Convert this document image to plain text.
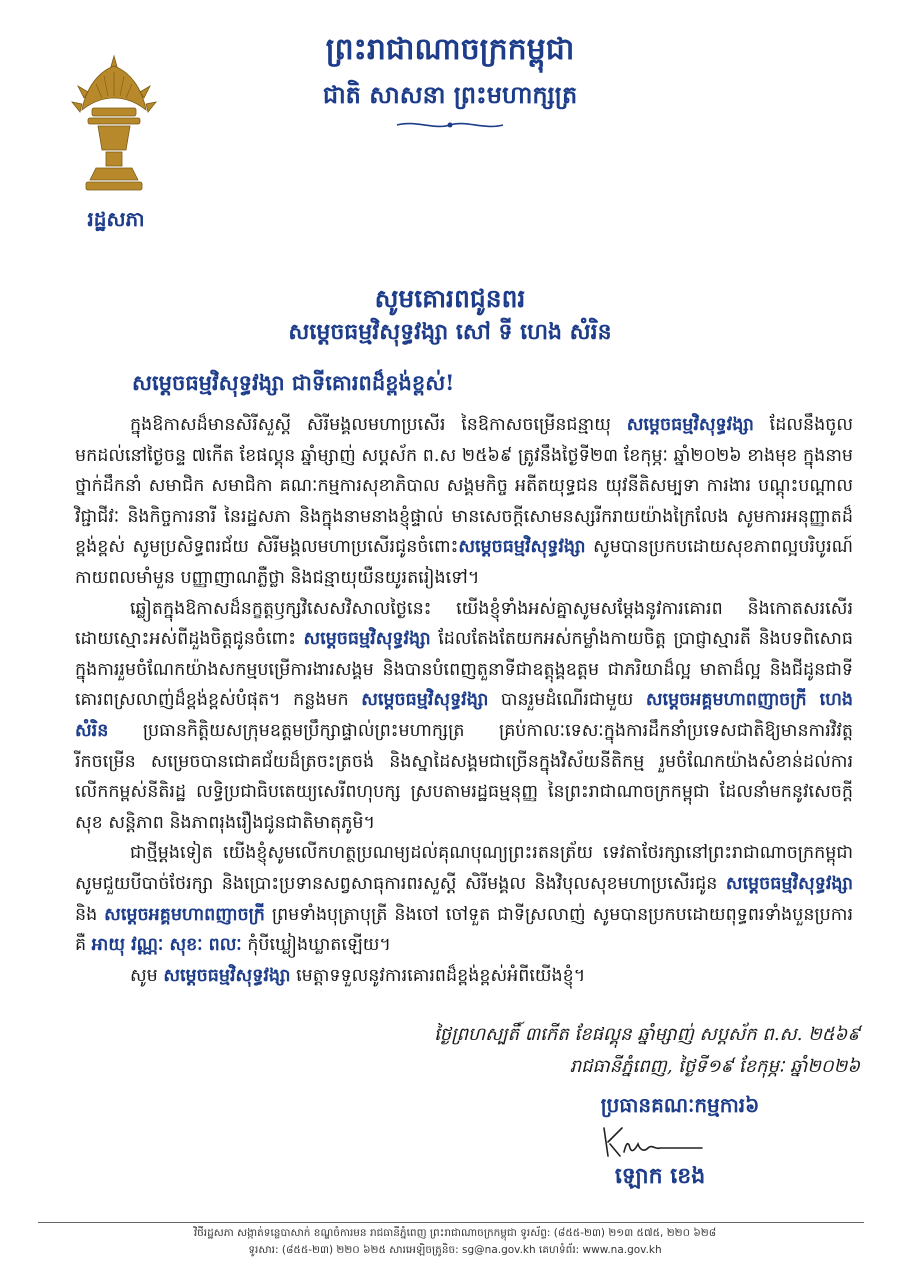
រដ្ឋសភា
ព្រះរាជាណាចក្រកម្ពុជា
ជាតិ សាសនា ព្រះមហាក្សត្រ
សូមគោរពជូនពរ
សម្តេចធម្មវិសុទ្ធវង្សា សៅ ទី ហេង សំរិន
សម្តេចធម្មវិសុទ្ធវង្សា ជាទីគោរពដ៏ខ្ពង់ខ្ពស់!

ក្នុងឱកាសដ៏មានសិរីសួស្តី សិរីមង្គលមហាប្រសើរ នៃឱកាសចម្រើនជន្មាយុ សម្តេចធម្មវិសុទ្ធវង្សា ដែលនឹងចូលមកដល់នៅថ្ងៃចន្ទ ៧កើត ខែផល្គុន ឆ្នាំម្សាញ់ សប្តស័ក ព.ស ២៥៦៩ ត្រូវនឹងថ្ងៃទី២៣ ខែកុម្ភៈ ឆ្នាំ២០២៦ ខាងមុខ ក្នុងនាមថ្នាក់ដឹកនាំ សមាជិក សមាជិកា គណៈកម្មការសុខាភិបាល សង្គមកិច្ច អតីតយុទ្ធជន យុវនីតិសម្បទា ការងារ បណ្តុះបណ្តាលវិជ្ជាជីវៈ និងកិច្ចការនារី នៃរដ្ឋសភា និងក្នុងនាមនាងខ្ញុំផ្ទាល់ មានសេចក្តីសោមនស្សរីករាយយ៉ាងក្រៃលែង សូមការអនុញ្ញាតដ៏ខ្ពង់ខ្ពស់ សូមប្រសិទ្ធពរជ័យ សិរីមង្គលមហាប្រសើរជូនចំពោះសម្តេចធម្មវិសុទ្ធវង្សា សូមបានប្រកបដោយសុខភាពល្អបរិបូរណ៍ កាយពលមាំមួន បញ្ញាញាណភ្លឺថ្លា និងជន្មាយុយឺនយូរតរៀងទៅ។

ឆ្លៀតក្នុងឱកាសដ៏នក្ខត្តឫក្សវិសេសវិសាលថ្ងៃនេះ យើងខ្ញុំទាំងអស់គ្នាសូមសម្តែងនូវការគោរព និងកោតសរសើរដោយស្មោះអស់ពីដួងចិត្តជូនចំពោះ សម្តេចធម្មវិសុទ្ធវង្សា ដែលតែងតែយកអស់កម្លាំងកាយចិត្ត ប្រាជ្ញាស្មារតី និងបទពិសោធ ក្នុងការរួមចំណែកយ៉ាងសកម្មបម្រើការងារសង្គម និងបានបំពេញតួនាទីជាឧត្តុង្គឧត្តម ជាភរិយាដ៏ល្អ មាតាដ៏ល្អ និងជីដូនជាទីគោរពស្រលាញ់ដ៏ខ្ពង់ខ្ពស់បំផុត។ កន្លងមក សម្តេចធម្មវិសុទ្ធវង្សា បានរួមដំណើរជាមួយ សម្តេចអគ្គមហាពញាចក្រី ហេង សំរិន ប្រធានកិត្តិយសក្រុមឧត្តមប្រឹក្សាផ្ទាល់ព្រះមហាក្សត្រ គ្រប់កាលៈទេសៈក្នុងការដឹកនាំប្រទេសជាតិឱ្យមានការវិវត្តរីកចម្រើន សម្រេចបានជោគជ័យដ៏ត្រចះត្រចង់ និងស្នាដៃសង្គមជាច្រើនក្នុងវិស័យនីតិកម្ម រួមចំណែកយ៉ាងសំខាន់ដល់ការលើកកម្ពស់នីតិរដ្ឋ លទ្ធិប្រជាធិបតេយ្យសេរីពហុបក្ស ស្របតាមរដ្ឋធម្មនុញ្ញ នៃព្រះរាជាណាចក្រកម្ពុជា ដែលនាំមកនូវសេចក្តីសុខ សន្តិភាព និងភាពរុងរឿងជូនជាតិមាតុភូមិ។

ជាថ្មីម្តងទៀត យើងខ្ញុំសូមលើកហត្ថប្រណម្យដល់គុណបុណ្យព្រះរតនត្រ័យ ទេវតាថែរក្សានៅព្រះរាជាណាចក្រកម្ពុជា សូមជួយបីបាច់ថែរក្សា និងប្រោះប្រទានសព្វសាធុការពរសួស្តី សិរីមង្គល និងវិបុលសុខមហាប្រសើរជូន សម្តេចធម្មវិសុទ្ធវង្សា និង សម្តេចអគ្គមហាពញាចក្រី ព្រមទាំងបុត្រាបុត្រី និងចៅ ចៅទួត ជាទីស្រលាញ់ សូមបានប្រកបដោយពុទ្ធពរទាំងបួនប្រការ គឺ អាយុ វណ្ណៈ សុខៈ ពលៈ កុំបីឃ្លៀងឃ្លាតឡើយ។

សូម សម្តេចធម្មវិសុទ្ធវង្សា មេត្តាទទួលនូវការគោរពដ៏ខ្ពង់ខ្ពស់អំពីយើងខ្ញុំ។

ថ្ងៃព្រហស្បតិ៍ ៣កើត ខែផល្គុន ឆ្នាំម្សាញ់ សប្តស័ក ព.ស. ២៥៦៩
រាជធានីភ្នំពេញ, ថ្ងៃទី១៩ ខែកុម្ភៈ ឆ្នាំ២០២៦
ប្រធានគណៈកម្មការ៦
ឡោក ខេង
វិថីរដ្ឋសភា សង្កាត់ទន្លេបាសាក់ ខណ្ឌចំការមន រាជធានីភ្នំពេញ ព្រះរាជាណាចក្រកម្ពុជា ទូរស័ព្ទ: (៨៥៥-២៣) ២១៣ ៥៧៥, ២២០ ៦២៨
ទូរសារ: (៨៥៥-២៣) ២២០ ៦២៥ សារអេឡិចត្រូនិច: sg@na.gov.kh គេហទំព័រ: www.na.gov.kh
